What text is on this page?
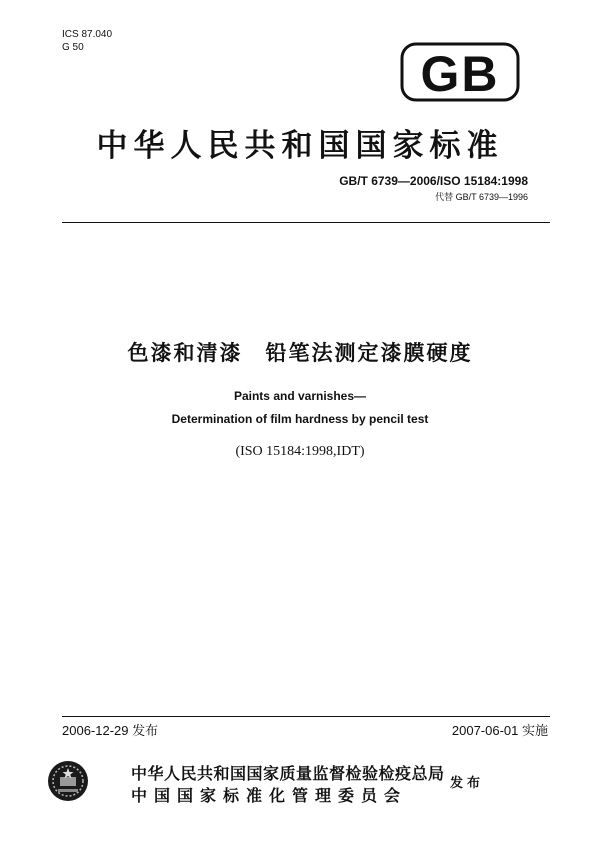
ICS 87.040
G 50	GB
中华人民共和国国家标准
GB/T 6739—2006/ISO 15184:1998
代替 GB/T 6739—1996
色漆和清漆　铅笔法测定漆膜硬度
Paints and varnishes—
Determination of film hardness by pencil test
(ISO 15184:1998,IDT)
2006-12-29 发布	2007-06-01 实施
中华人民共和国国家质量监督检验检疫总局
中国国家标准化管理委员会
发布
